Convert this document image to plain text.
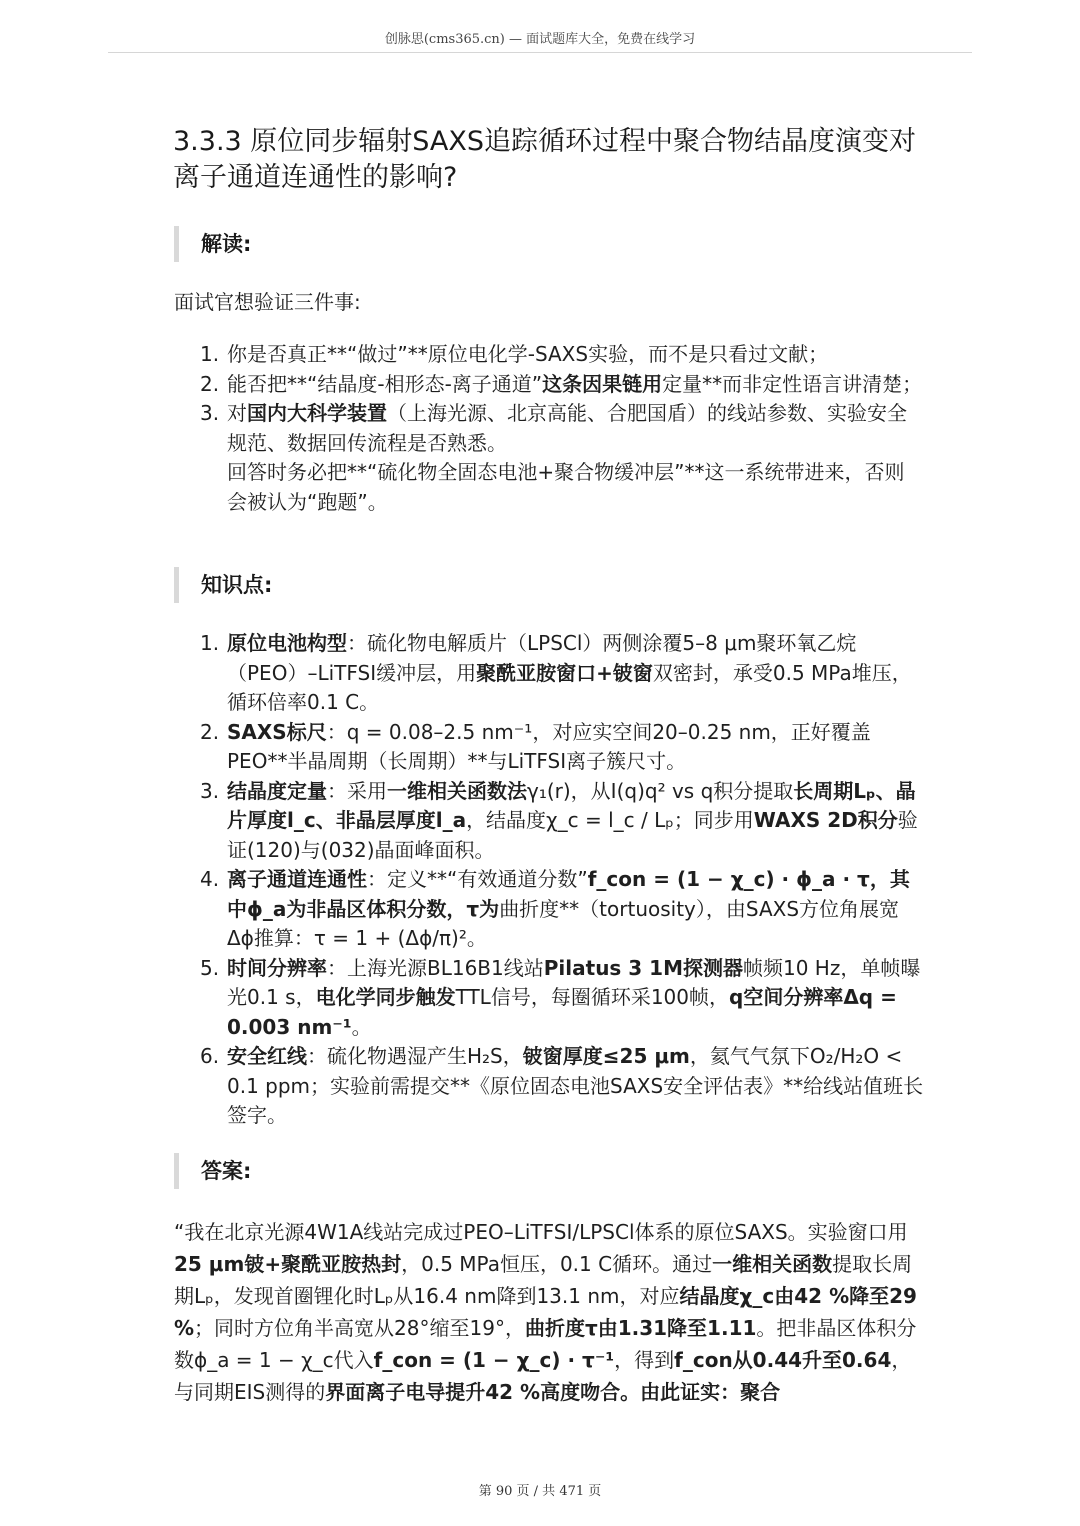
创脉思(cms365.cn) — 面试题库大全，免费在线学习
3.3.3 原位同步辐射SAXS追踪循环过程中聚合物结晶度演变对离子通道连通性的影响?
解读:
面试官想验证三件事:
1. 你是否真正**“做过”**原位电化学-SAXS实验，而不是只看过文献；
2. 能否把**“结晶度-相形态-离子通道”这条因果链用定量**而非定性语言讲清楚；
3. 对国内大科学装置（上海光源、北京高能、合肥国盾）的线站参数、实验安全规范、数据回传流程是否熟悉。
回答时务必把**“硫化物全固态电池+聚合物缓冲层”**这一系统带进来，否则会被认为“跑题”。
知识点:
1. 原位电池构型：硫化物电解质片（LPSCl）两侧涂覆5–8 μm聚环氧乙烷（PEO）–LiTFSI缓冲层，用聚酰亚胺窗口+铍窗双密封，承受0.5 MPa堆压，循环倍率0.1 C。
2. SAXS标尺：q = 0.08–2.5 nm⁻¹，对应实空间20–0.25 nm，正好覆盖PEO**半晶周期（长周期）**与LiTFSI离子簇尺寸。
3. 结晶度定量：采用一维相关函数法γ₁(r)，从I(q)q² vs q积分提取长周期Lₚ、晶片厚度l_c、非晶层厚度l_a，结晶度χ_c = l_c / Lₚ；同步用WAXS 2D积分验证(120)与(032)晶面峰面积。
4. 离子通道连通性：定义**“有效通道分数”f_con = (1 − χ_c) · ϕ_a · τ，其中ϕ_a为非晶区体积分数，τ为曲折度**（tortuosity），由SAXS方位角展宽Δϕ推算：τ = 1 + (Δϕ/π)²。
5. 时间分辨率：上海光源BL16B1线站Pilatus 3 1M探测器帧频10 Hz，单帧曝光0.1 s，电化学同步触发TTL信号，每圈循环采100帧，q空间分辨率Δq = 0.003 nm⁻¹。
6. 安全红线：硫化物遇湿产生H₂S，铍窗厚度≤25 μm，氦气气氛下O₂/H₂O < 0.1 ppm；实验前需提交**《原位固态电池SAXS安全评估表》**给线站值班长签字。
答案:
“我在北京光源4W1A线站完成过PEO–LiTFSI/LPSCl体系的原位SAXS。实验窗口用25 μm铍+聚酰亚胺热封，0.5 MPa恒压，0.1 C循环。通过一维相关函数提取长周期Lₚ，发现首圈锂化时Lₚ从16.4 nm降到13.1 nm，对应结晶度χ_c由42 %降至29 %；同时方位角半高宽从28°缩至19°，曲折度τ由1.31降至1.11。把非晶区体积分数ϕ_a = 1 − χ_c代入f_con = (1 − χ_c) · τ⁻¹，得到f_con从0.44升至0.64，与同期EIS测得的界面离子电导提升42 %高度吻合。由此证实：聚合
第 90 页 / 共 471 页
